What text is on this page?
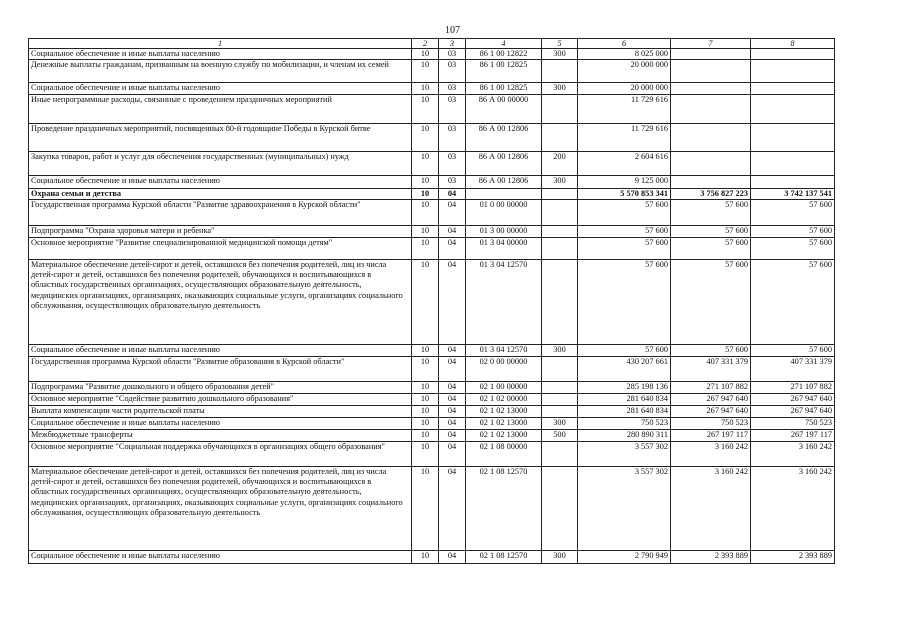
107
1	2	3	4	5	6	7	8
Социальное обеспечение и иные выплаты населению	10	03	86 1 00 12822	300	8 025 000		
Денежные выплаты гражданам, призванным на военную службу по мобилизации, и членам их семей	10	03	86 1 00 12825		20 000 000		
Социальное обеспечение и иные выплаты населению	10	03	86 1 00 12825	300	20 000 000		
Иные непрограммные расходы, связанные с проведением праздничных мероприятий	10	03	86 А 00 00000		11 729 616		
Проведение праздничных мероприятий, посвященных 80-й годовщине Победы в Курской битве	10	03	86 А 00 12806		11 729 616		
Закупка товаров, работ и услуг для обеспечения государственных (муниципальных) нужд	10	03	86 А 00 12806	200	2 604 616		
Социальное обеспечение и иные выплаты населению	10	03	86 А 00 12806	300	9 125 000		
Охрана семьи и детства	10	04			5 570 853 341	3 756 827 223	3 742 137 541
Государственная программа Курской области "Развитие здравоохранения в Курской области"	10	04	01 0 00 00000		57 600	57 600	57 600
Подпрограмма "Охрана здоровья матери и ребенка"	10	04	01 3 00 00000		57 600	57 600	57 600
Основное мероприятие "Развитие специализированной медицинской помощи детям"	10	04	01 3 04 00000		57 600	57 600	57 600
Материальное обеспечение детей-сирот и детей, оставшихся без попечения родителей, лиц из числа детей-сирот и детей, оставшихся без попечения родителей, обучающихся и воспитывающихся в областных государственных организациях, осуществляющих образовательную деятельность, медицинских организациях, организациях, оказывающих социальные услуги, организациях социального обслуживания, осуществляющих образовательную деятельность	10	04	01 3 04 12570		57 600	57 600	57 600
Социальное обеспечение и иные выплаты населению	10	04	01 3 04 12570	300	57 600	57 600	57 600
Государственная программа Курской области "Развитие образования в Курской области"	10	04	02 0 00 00000		430 207 661	407 331 379	407 331 379
Подпрограмма "Развитие дошкольного и общего образования детей"	10	04	02 1 00 00000		285 198 136	271 107 882	271 107 882
Основное мероприятие "Содействие развитию дошкольного образования"	10	04	02 1 02 00000		281 640 834	267 947 640	267 947 640
Выплата компенсации части родительской платы	10	04	02 1 02 13000		281 640 834	267 947 640	267 947 640
Социальное обеспечение и иные выплаты населению	10	04	02 1 02 13000	300	750 523	750 523	750 523
Межбюджетные трансферты	10	04	02 1 02 13000	500	280 890 311	267 197 117	267 197 117
Основное мероприятие "Социальная поддержка обучающихся в организациях общего образования"	10	04	02 1 08 00000		3 557 302	3 160 242	3 160 242
Материальное обеспечение детей-сирот и детей, оставшихся без попечения родителей, лиц из числа детей-сирот и детей, оставшихся без попечения родителей, обучающихся и воспитывающихся в областных государственных организациях, осуществляющих образовательную деятельность, медицинских организациях, организациях, оказывающих социальные услуги, организациях социального обслуживания, осуществляющих образовательную деятельность	10	04	02 1 08 12570		3 557 302	3 160 242	3 160 242
Социальное обеспечение и иные выплаты населению	10	04	02 1 08 12570	300	2 790 949	2 393 889	2 393 889
